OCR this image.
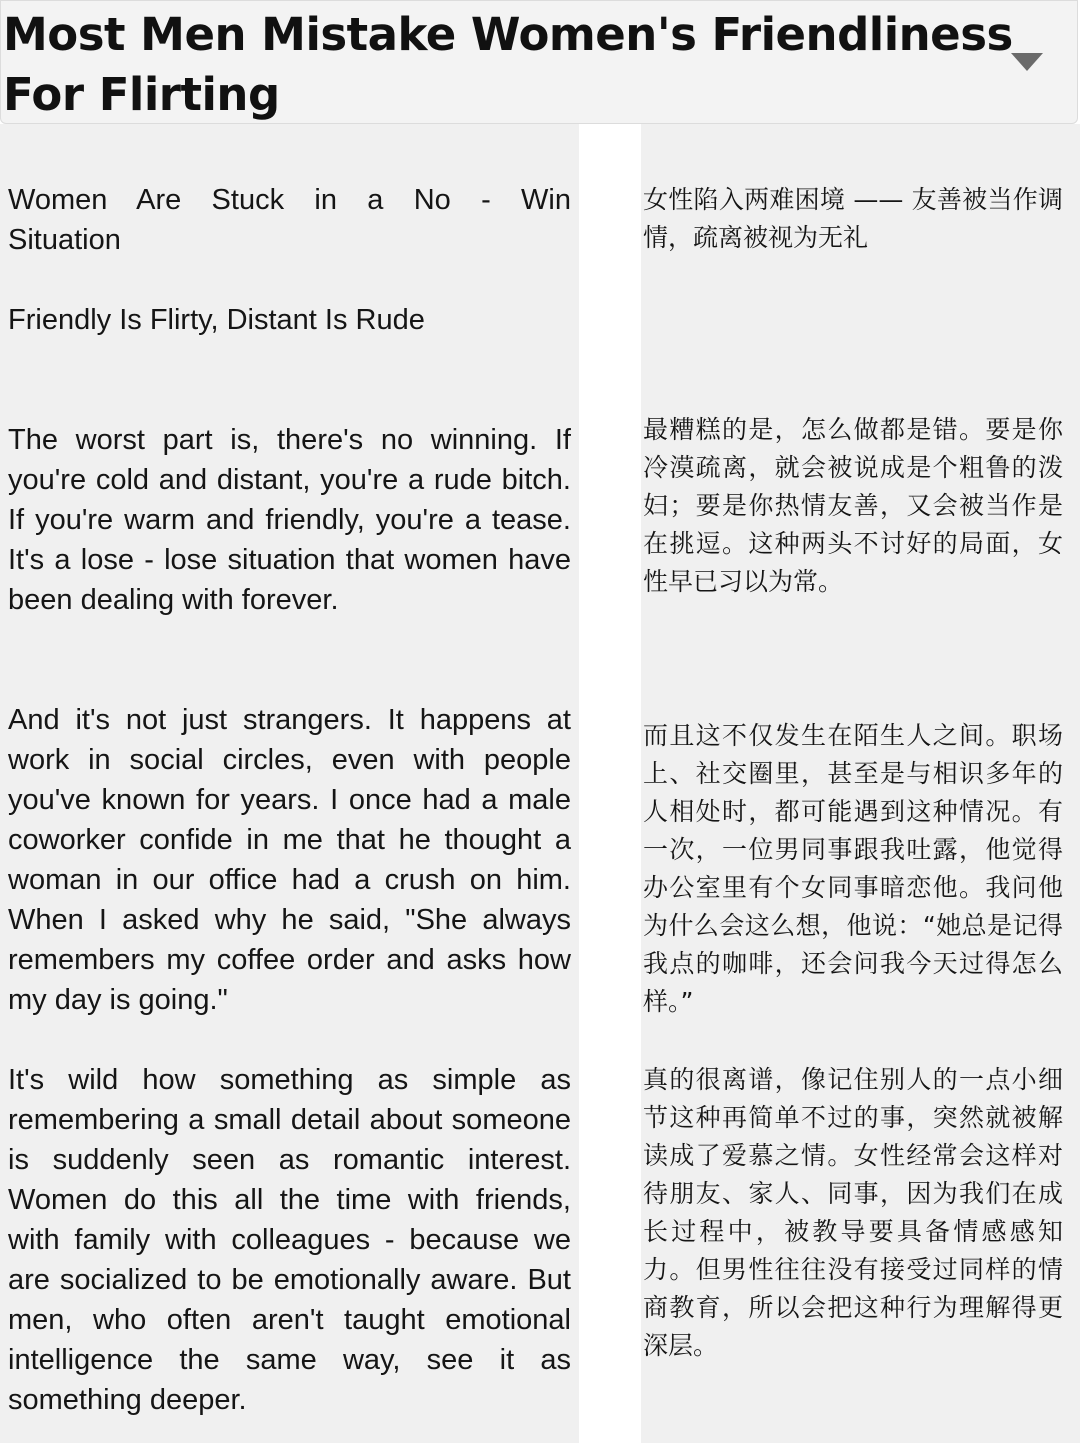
Most Men Mistake Women's Friendliness For Flirting
Women Are Stuck in a No - Win
Situation
Friendly Is Flirty, Distant Is Rude
The worst part is, there's no winning. If you're cold and distant, you're a rude bitch. If you're warm and friendly, you're a tease. It's a lose - lose situation that women have been dealing with forever.
And it's not just strangers. It happens at work in social circles, even with people you've known for years. I once had a male coworker confide in me that he thought a woman in our office had a crush on him. When I asked why he said, "She always remembers my coffee order and asks how my day is going."
It's wild how something as simple as remembering a small detail about someone is suddenly seen as romantic interest. Women do this all the time with friends, with family with colleagues - because we are socialized to be emotionally aware. But men, who often aren't taught emotional intelligence the same way, see it as something deeper.
女性陷入两难困境 —— 友善被当作调情，疏离被视为无礼
最糟糕的是，怎么做都是错。要是你冷漠疏离，就会被说成是个粗鲁的泼妇；要是你热情友善，又会被当作是在挑逗。这种两头不讨好的局面，女性早已习以为常。
而且这不仅发生在陌生人之间。职场上、社交圈里，甚至是与相识多年的人相处时，都可能遇到这种情况。有一次，一位男同事跟我吐露，他觉得办公室里有个女同事暗恋他。我问他为什么会这么想，他说：“她总是记得我点的咖啡，还会问我今天过得怎么样。”
真的很离谱，像记住别人的一点小细节这种再简单不过的事，突然就被解读成了爱慕之情。女性经常会这样对待朋友、家人、同事，因为我们在成长过程中，被教导要具备情感感知力。但男性往往没有接受过同样的情商教育，所以会把这种行为理解得更深层。
